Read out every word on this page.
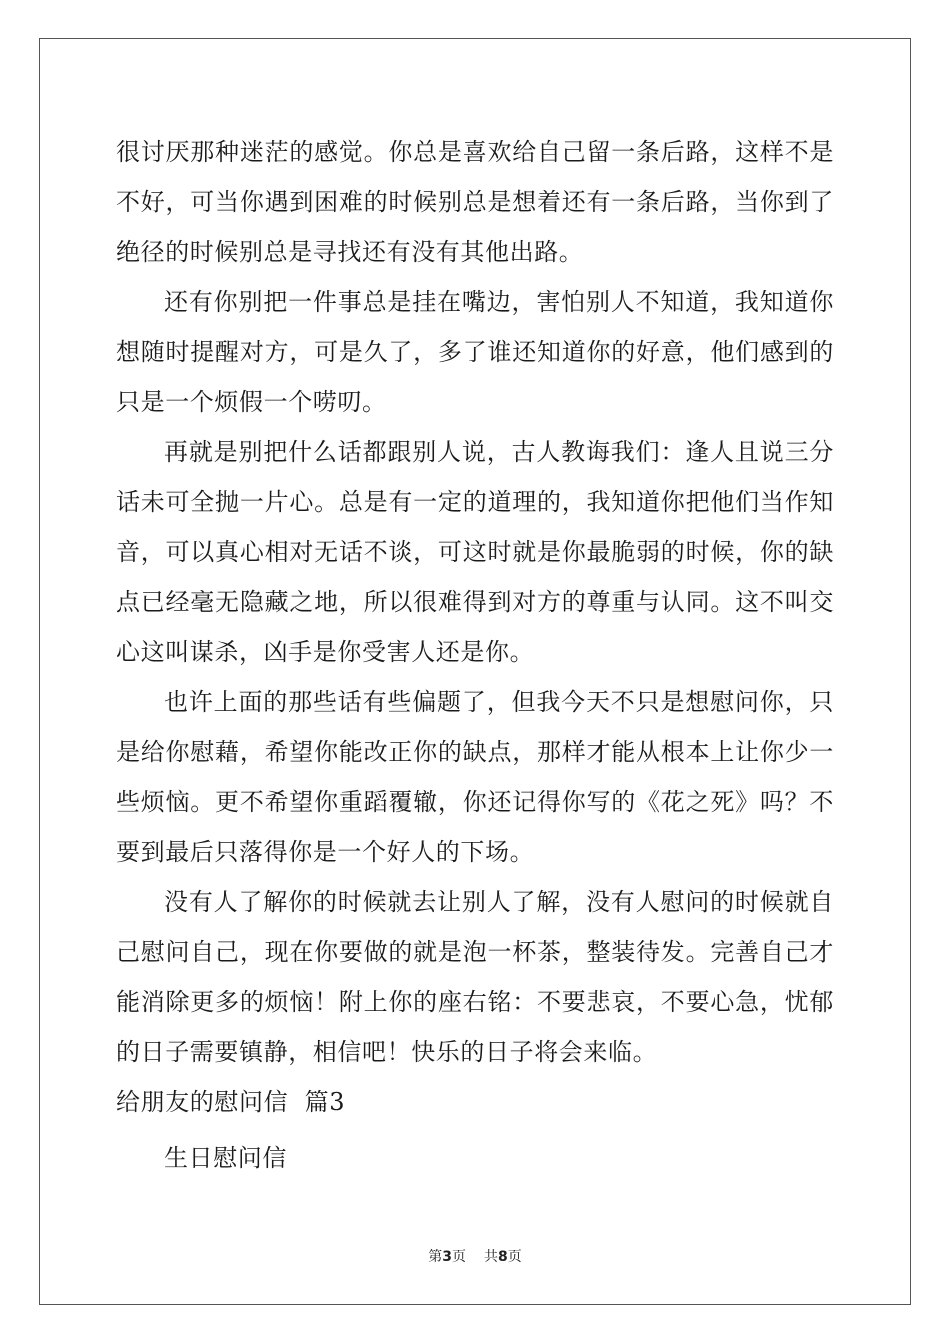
很讨厌那种迷茫的感觉。你总是喜欢给自己留一条后路，这样不是不好，可当你遇到困难的时候别总是想着还有一条后路，当你到了绝径的时候别总是寻找还有没有其他出路。

还有你别把一件事总是挂在嘴边，害怕别人不知道，我知道你想随时提醒对方，可是久了，多了谁还知道你的好意，他们感到的只是一个烦假一个唠叨。

再就是别把什么话都跟别人说，古人教诲我们：逢人且说三分话未可全抛一片心。总是有一定的道理的，我知道你把他们当作知音，可以真心相对无话不谈，可这时就是你最脆弱的时候，你的缺点已经毫无隐藏之地，所以很难得到对方的尊重与认同。这不叫交心这叫谋杀，凶手是你受害人还是你。

也许上面的那些话有些偏题了，但我今天不只是想慰问你，只是给你慰藉，希望你能改正你的缺点，那样才能从根本上让你少一些烦恼。更不希望你重蹈覆辙，你还记得你写的《花之死》吗？不要到最后只落得你是一个好人的下场。

没有人了解你的时候就去让别人了解，没有人慰问的时候就自己慰问自己，现在你要做的就是泡一杯茶，整装待发。完善自己才能消除更多的烦恼！附上你的座右铭：不要悲哀，不要心急，忧郁的日子需要镇静，相信吧！快乐的日子将会来临。

给朋友的慰问信  篇3

生日慰问信

第3页 共8页
